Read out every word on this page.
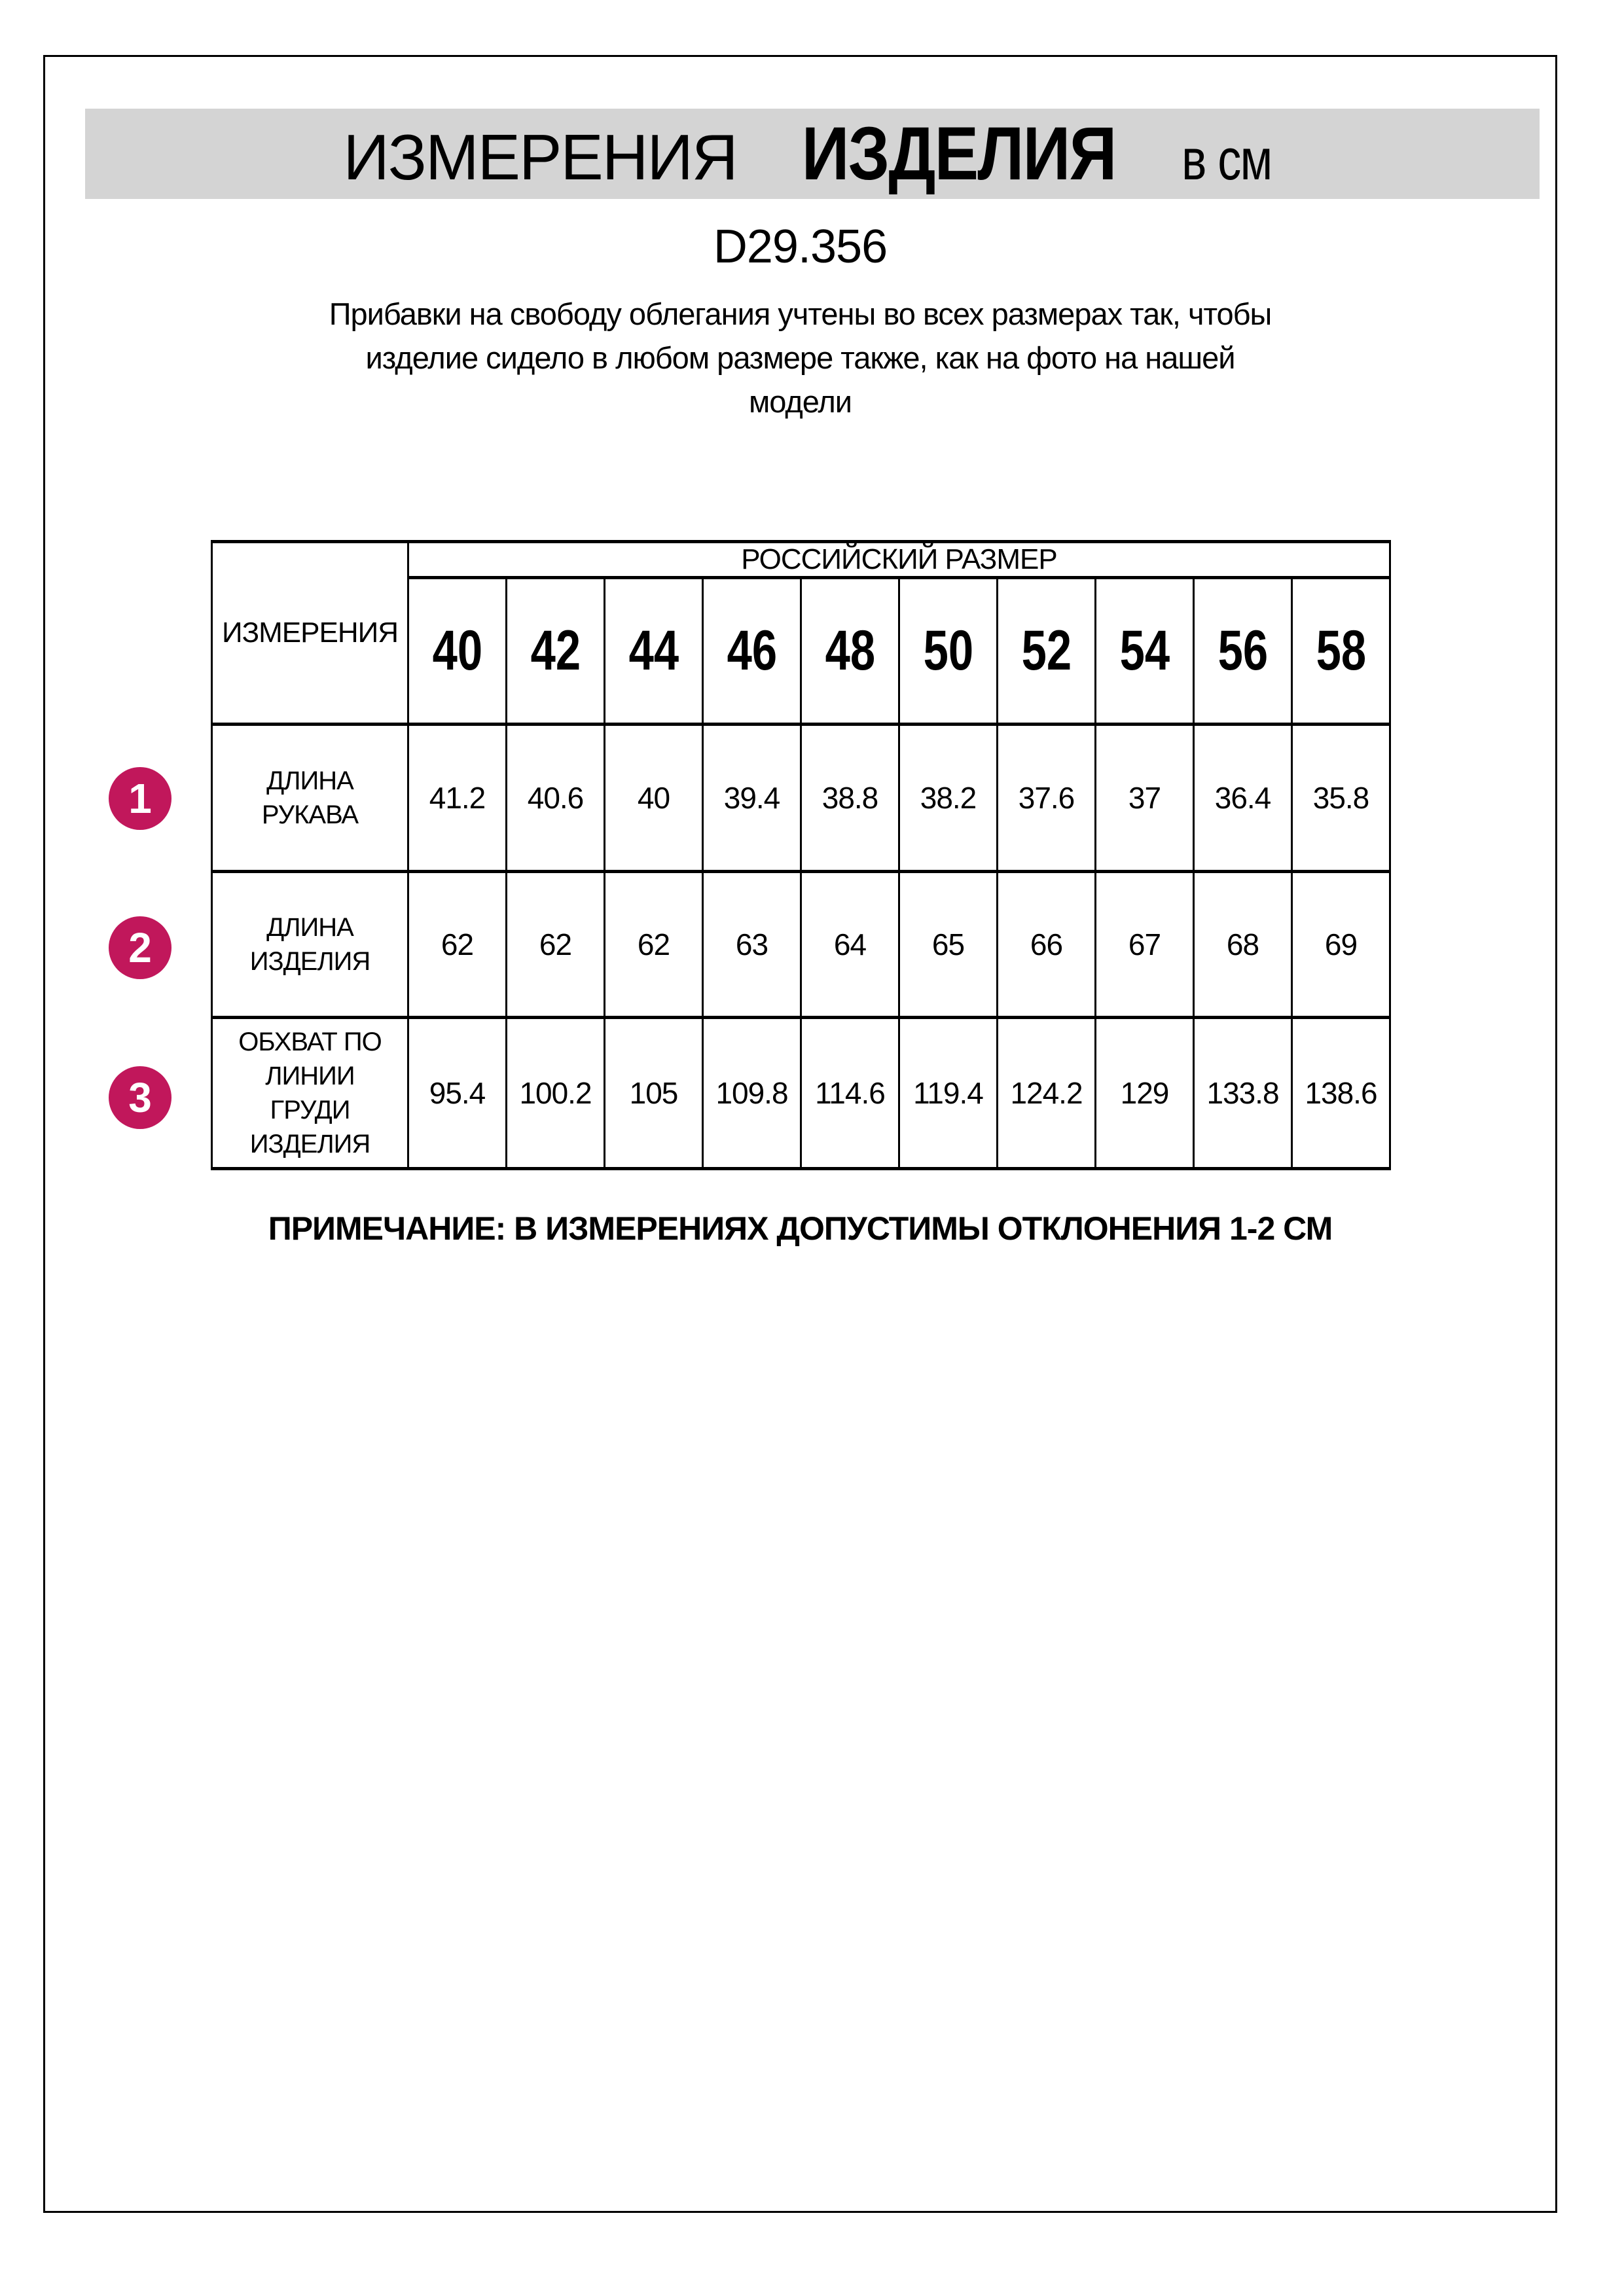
ИЗМЕРЕНИЯ ИЗДЕЛИЯ в см
D29.356
Прибавки на свободу облегания учтены во всех размерах так, чтобы
изделие сидело в любом размере также, как на фото на нашей
модели
ИЗМЕРЕНИЯ	РОССИЙСКИЙ РАЗМЕР									
	40	42	44	46	48	50	52	54	56	58
ДЛИНА РУКАВА	41.2	40.6	40	39.4	38.8	38.2	37.6	37	36.4	35.8
ДЛИНА ИЗДЕЛИЯ	62	62	62	63	64	65	66	67	68	69
ОБХВАТ ПО ЛИНИИ ГРУДИ ИЗДЕЛИЯ	95.4	100.2	105	109.8	114.6	119.4	124.2	129	133.8	138.6
1
2
3
ПРИМЕЧАНИЕ: В ИЗМЕРЕНИЯХ ДОПУСТИМЫ ОТКЛОНЕНИЯ 1-2 СМ
